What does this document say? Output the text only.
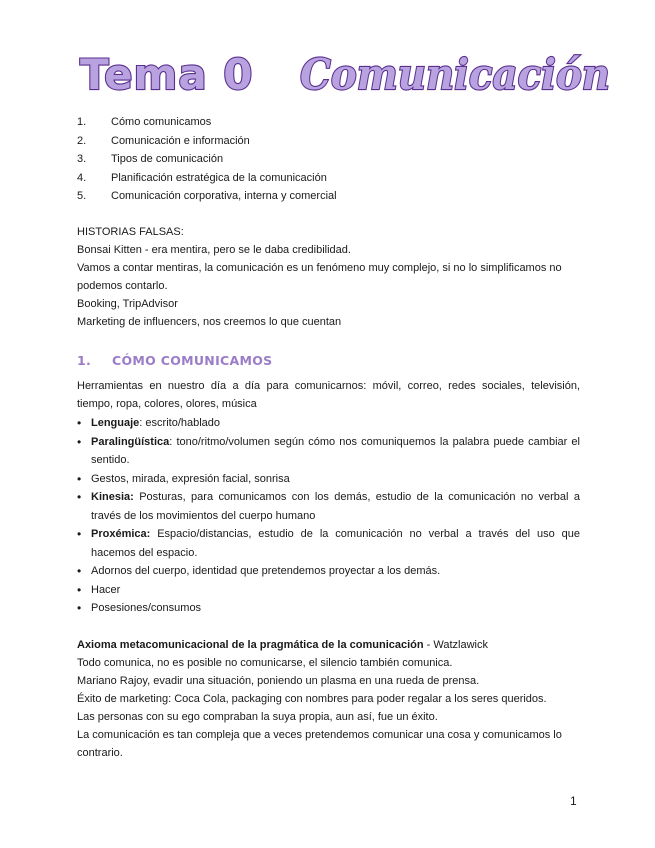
Tema 0 Comunicación
1.	Cómo comunicamos
2.	Comunicación e información
3.	Tipos de comunicación
4.	Planificación estratégica de la comunicación
5.	Comunicación corporativa, interna y comercial

HISTORIAS FALSAS:

Bonsai Kitten - era mentira, pero se le daba credibilidad.

Vamos a contar mentiras, la comunicación es un fenómeno muy complejo, si no lo simplificamos no podemos contarlo.

Booking, TripAdvisor

Marketing de influencers, nos creemos lo que cuentan

1.	CÓMO COMUNICAMOS

Herramientas en nuestro día a día para comunicarnos: móvil, correo, redes sociales, televisión, tiempo, ropa, colores, olores, música

• Lenguaje: escrito/hablado
• Paralingüística: tono/ritmo/volumen según cómo nos comuniquemos la palabra puede cambiar el sentido.
• Gestos, mirada, expresión facial, sonrisa
• Kinesia: Posturas, para comunicamos con los demás, estudio de la comunicación no verbal a través de los movimientos del cuerpo humano
• Proxémica: Espacio/distancias, estudio de la comunicación no verbal a través del uso que hacemos del espacio.
• Adornos del cuerpo, identidad que pretendemos proyectar a los demás.
• Hacer
• Posesiones/consumos

Axioma metacomunicacional de la pragmática de la comunicación - Watzlawick

Todo comunica, no es posible no comunicarse, el silencio también comunica.

Mariano Rajoy, evadir una situación, poniendo un plasma en una rueda de prensa.

Éxito de marketing: Coca Cola, packaging con nombres para poder regalar a los seres queridos.

Las personas con su ego compraban la suya propia, aun así, fue un éxito.

La comunicación es tan compleja que a veces pretendemos comunicar una cosa y comunicamos lo contrario.

1
